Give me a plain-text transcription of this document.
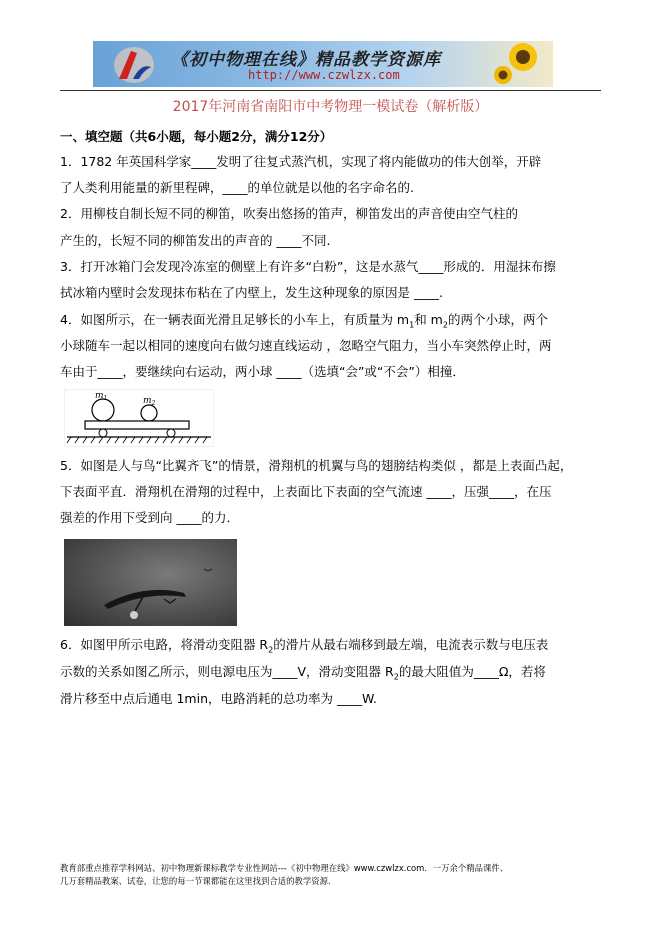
《初中物理在线》精品教学资源库
http://www.czwlzx.com
2017年河南省南阳市中考物理一模试卷（解析版）
一、填空题（共6小题，每小题2分，满分12分）
1．1782 年英国科学家____发明了往复式蒸汽机，实现了将内能做功的伟大创举，开辟
了人类利用能量的新里程碑，____的单位就是以他的名字命名的.
2．用柳枝自制长短不同的柳笛，吹奏出悠扬的笛声，柳笛发出的声音使由空气柱的
产生的，长短不同的柳笛发出的声音的 ____不同.
3．打开冰箱门会发现冷冻室的侧壁上有许多“白粉”，这是水蒸气____形成的．用湿抹布擦
拭冰箱内壁时会发现抹布粘在了内壁上，发生这种现象的原因是 ____.
4．如图所示，在一辆表面光滑且足够长的小车上，有质量为 $m_1$和 $m_2$的两个小球，两个
小球随车一起以相同的速度向右做匀速直线运动 ，忽略空气阻力，当小车突然停止时，两
车由于____，要继续向右运动，两小球 ____（选填“会”或“不会”）相撞．
$m_1$	$m_2$
5．如图是人与鸟“比翼齐飞”的情景，滑翔机的机翼与鸟的翅膀结构类似 ，都是上表面凸起，
下表面平直．滑翔机在滑翔的过程中，上表面比下表面的空气流速 ____，压强____，在压
强差的作用下受到向 ____的力．
6．如图甲所示电路，将滑动变阻器 $R_2$的滑片从最右端移到最左端，电流表示数与电压表
示数的关系如图乙所示，则电源电压为____V，滑动变阻器 $R_2$的最大阻值为____Ω，若将
滑片移至中点后通电 1min，电路消耗的总功率为 ____W.
教育部重点推荐学科网站、初中物理新课标教学专业性网站---《初中物理在线》www.czwlzx.com．一万余个精品课件、
几万套精品教案、试卷，让您的每一节课都能在这里找到合适的教学资源.
